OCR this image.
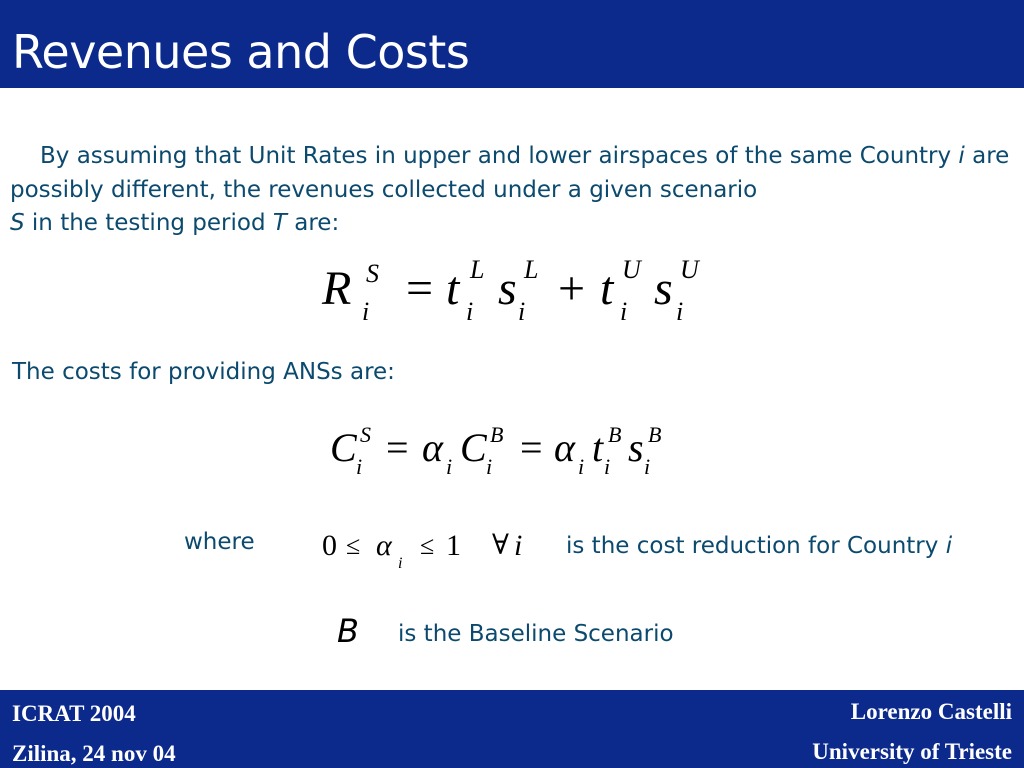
Revenues and Costs
By assuming that Unit Rates in upper and lower airspaces of the same Country i are possibly different, the revenues collected under a given scenario
S in the testing period T are:
R S
i = t L
i s L
i + t U
i s U
i
The costs for providing ANSs are:
C S
i = α i C B
i = α i t B
i s B
i
where 0 ≤ α
i
≤ 1 ∀ i is the cost reduction for Country i
B is the Baseline Scenario
ICRAT 2004
Zilina, 24 nov 04
Lorenzo Castelli
University of Trieste
